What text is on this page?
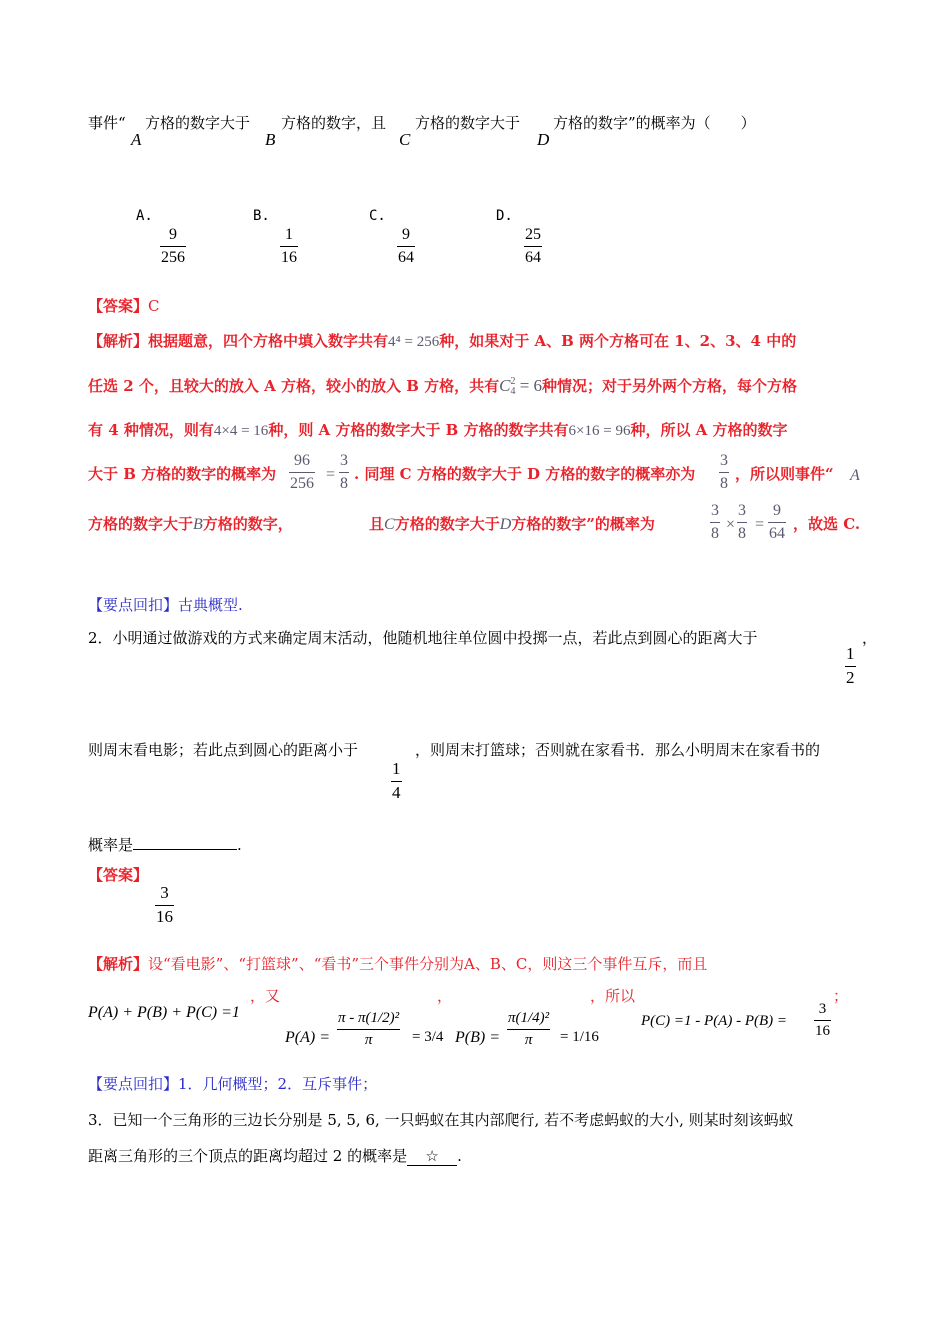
事件“
A
方格的数字大于
B
方格的数字，且
C
方格的数字大于
D
方格的数字”的概率为（　　）
A.
9
256
B.
1
16
C.
9
64
D.
25
64
【答案】C
【解析】根据题意，四个方格中填入数字共有4⁴ = 256种，如果对于 A、B 两个方格可在 1、2、3、4 中的
任选 2 个，且较大的放入 A 方格，较小的放入 B 方格，共有C 2
4 = 6种情况；对于另外两个方格，每个方格
有 4 种情况，则有4×4 = 16种，则 A 方格的数字大于 B 方格的数字共有6×16 = 96种，所以 A 方格的数字
大于 B 方格的数字的概率为
96
256
=
3
8
. 同理 C 方格的数字大于 D 方格的数字的概率亦为
3
8
，所以则事件“ A
方格的数字大于B方格的数字，	且C方格的数字大于D方格的数字”的概率为
3
8
×
3
8
=
9
64
，故选 C.
【要点回扣】古典概型.
2．小明通过做游戏的方式来确定周末活动，他随机地往单位圆中投掷一点，若此点到圆心的距离大于	，
1
2
则周末看电影；若此点到圆心的距离小于	，则周末打篮球；否则就在家看书．那么小明周末在家看书的
1
4
概率是	.
【答案】
3
16
【解析】设“看电影”、“打篮球”、“看书”三个事件分别为A、B、C，则这三个事件互斥，而且
P(A) + P(B) + P(C) =1
，又	，	，所以	；
P(A) =
π - π(1/2)²
π	= 3/4 P(B) =
π(1/4)²
π = 1/16
P(C) =1 - P(A) - P(B) =
3
16
【要点回扣】1．几何概型；2．互斥事件；
3．已知一个三角形的三边长分别是 5, 5, 6, 一只蚂蚁在其内部爬行, 若不考虑蚂蚁的大小, 则某时刻该蚂蚁
距离三角形的三个顶点的距离均超过 2 的概率是 ☆ .
